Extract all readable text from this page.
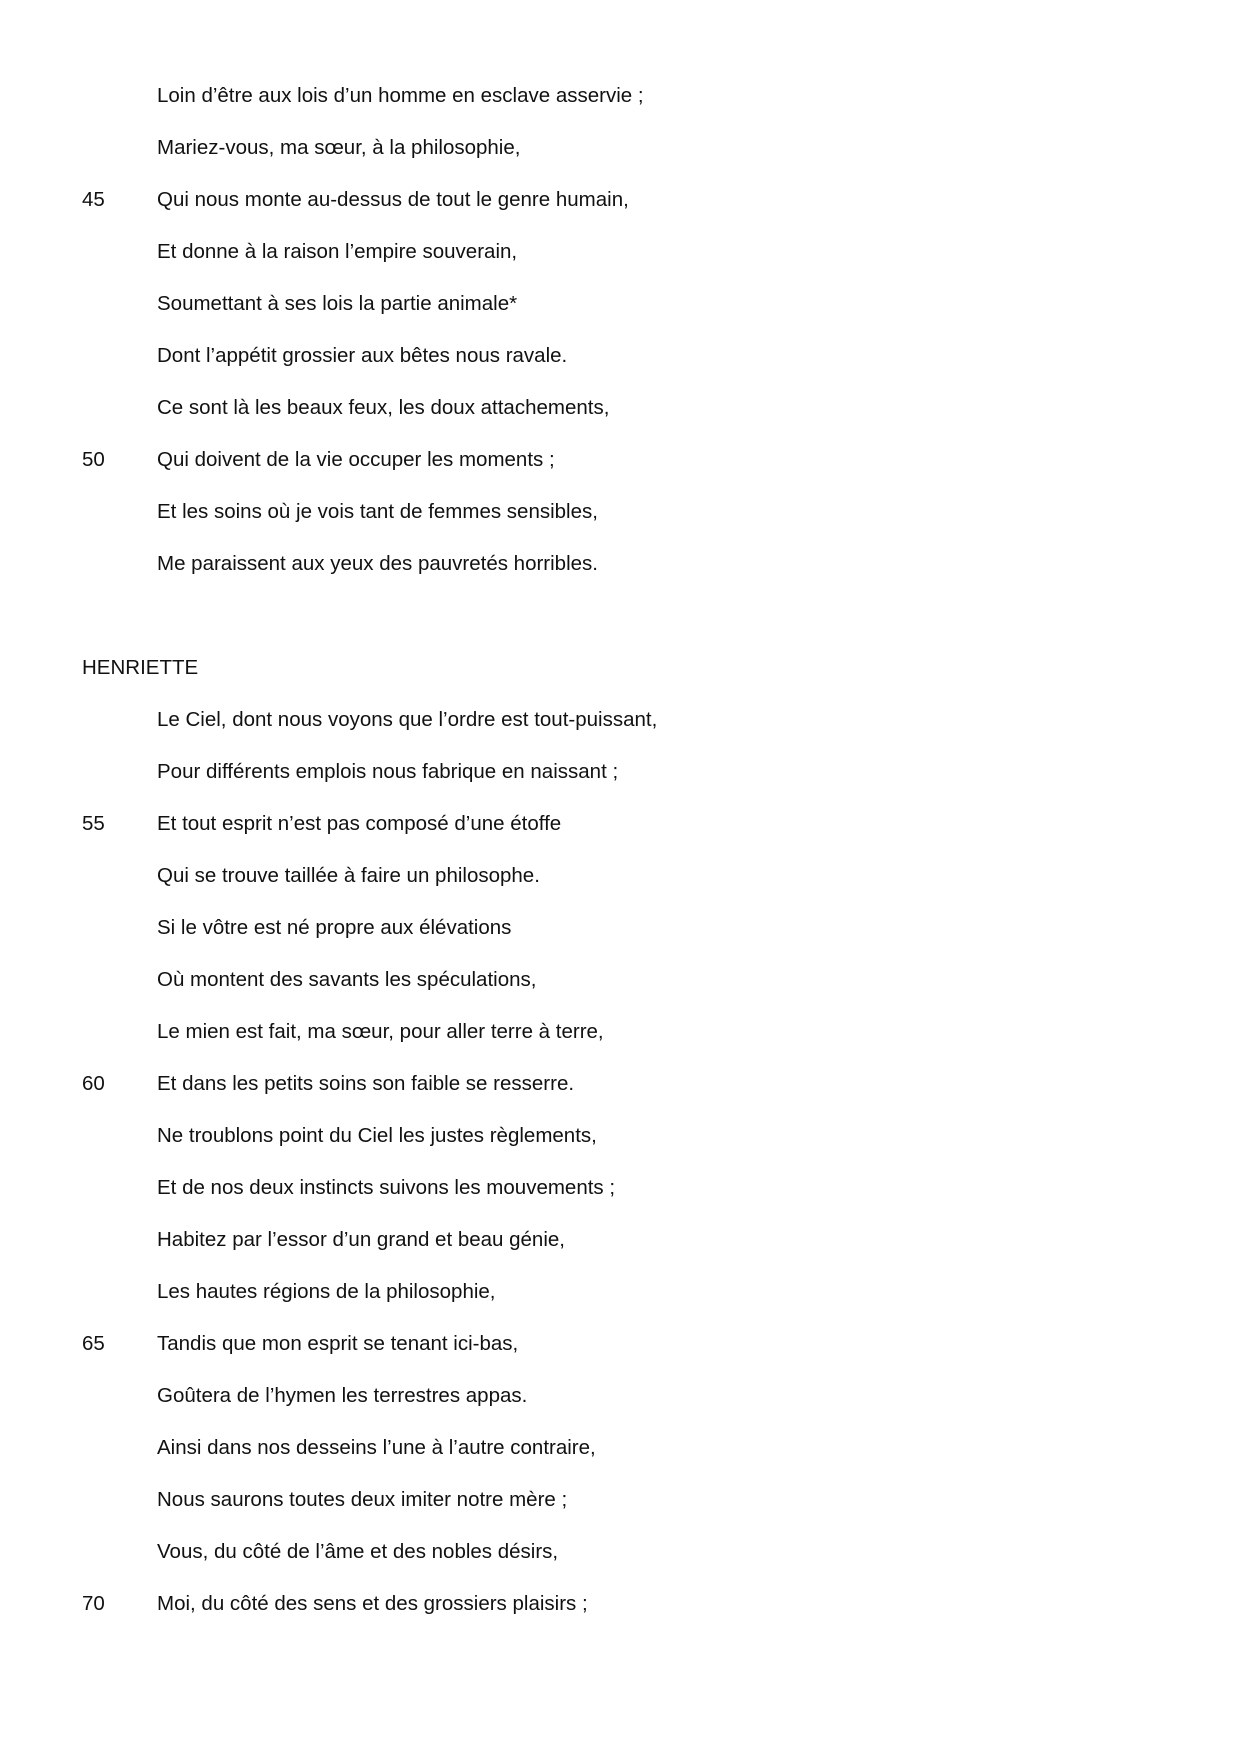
Loin d’être aux lois d’un homme en esclave asservie ;
Mariez-vous, ma sœur, à la philosophie,
45	Qui nous monte au-dessus de tout le genre humain,
Et donne à la raison l’empire souverain,
Soumettant à ses lois la partie animale*
Dont l’appétit grossier aux bêtes nous ravale.
Ce sont là les beaux feux, les doux attachements,
50	Qui doivent de la vie occuper les moments ;
Et les soins où je vois tant de femmes sensibles,
Me paraissent aux yeux des pauvretés horribles.
HENRIETTE
Le Ciel, dont nous voyons que l’ordre est tout-puissant,
Pour différents emplois nous fabrique en naissant ;
55	Et tout esprit n’est pas composé d’une étoffe
Qui se trouve taillée à faire un philosophe.
Si le vôtre est né propre aux élévations
Où montent des savants les spéculations,
Le mien est fait, ma sœur, pour aller terre à terre,
60	Et dans les petits soins son faible se resserre.
Ne troublons point du Ciel les justes règlements,
Et de nos deux instincts suivons les mouvements ;
Habitez par l’essor d’un grand et beau génie,
Les hautes régions de la philosophie,
65	Tandis que mon esprit se tenant ici-bas,
Goûtera de l’hymen les terrestres appas.
Ainsi dans nos desseins l’une à l’autre contraire,
Nous saurons toutes deux imiter notre mère ;
Vous, du côté de l’âme et des nobles désirs,
70	Moi, du côté des sens et des grossiers plaisirs ;
